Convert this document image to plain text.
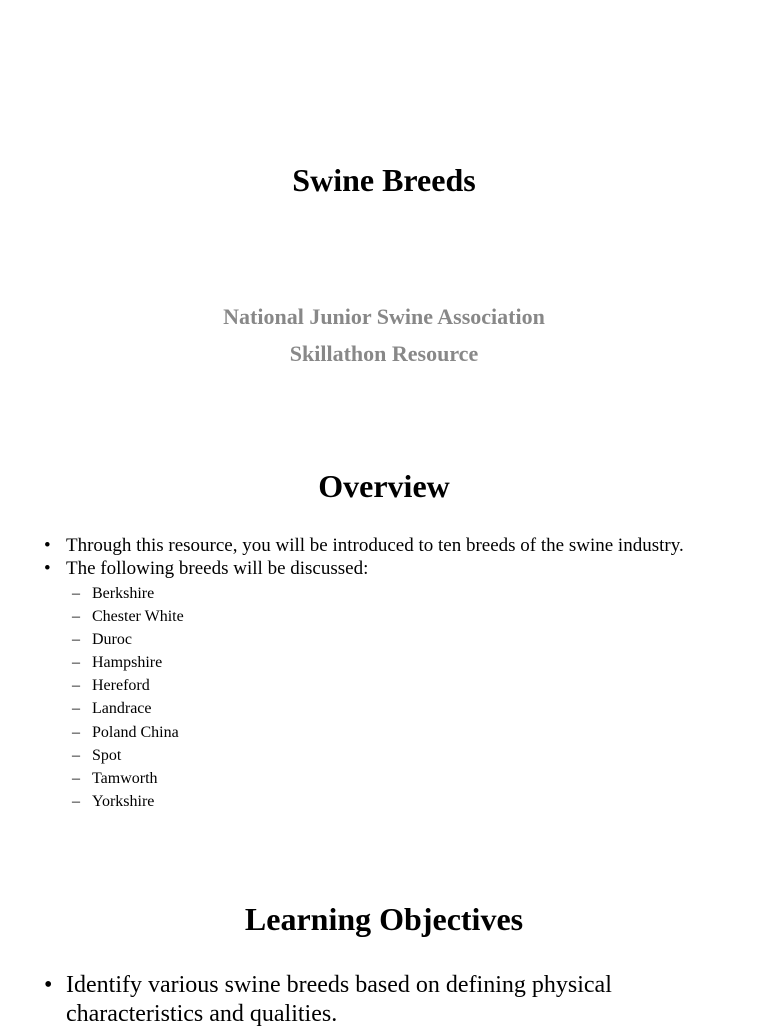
Swine Breeds
National Junior Swine Association
Skillathon Resource
Overview
• Through this resource, you will be introduced to ten breeds of the swine industry.
• The following breeds will be discussed:
– Berkshire
– Chester White
– Duroc
– Hampshire
– Hereford
– Landrace
– Poland China
– Spot
– Tamworth
– Yorkshire
Learning Objectives
• Identify various swine breeds based on defining physical characteristics and qualities.
